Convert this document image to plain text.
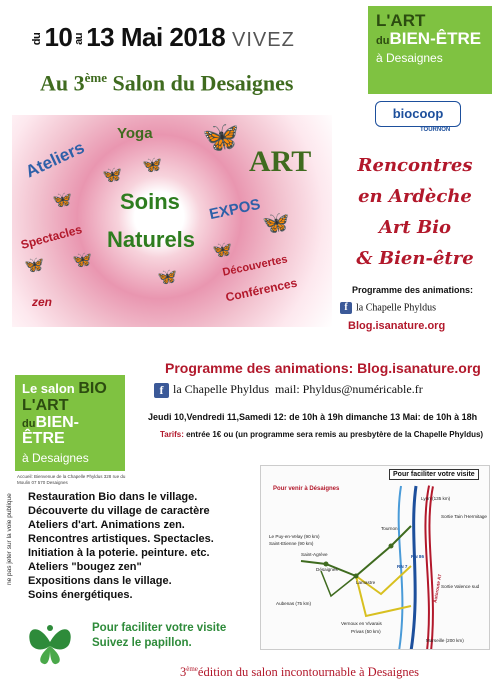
du10au13 Mai 2018 VIVEZ
Au 3ème Salon du Desaignes
L'ART
duBIEN-ÊTRE
à Desaignes
biocoop
TOURNON
Yoga
Ateliers	ART
Soins
Naturels
EXPOS
Spectacles
zen
Découvertes
Conférences
🦋
🦋
🦋
🦋
🦋
🦋
🦋
🦋
🦋
Rencontres
en Ardèche
Art Bio
& Bien-être
Programme des animations:
f la Chapelle Phyldus
Blog.isanature.org
Programme des animations: Blog.isanature.org
f la Chapelle Phyldus mail: Phyldus@numéricable.fr
Jeudi 10,Vendredi 11,Samedi 12: de 10h à 19h dimanche 13 Mai: de 10h à 18h
Tarifs: entrée 1€ ou (un programme sera remis au presbytère de la Chapelle Phyldus)
Le salon BIO
L'ART
duBIEN-ÊTRE
à Desaignes
Accueil: Bienvenue de la Chapelle Phyldus 328 rue du Moulin 07 570 Desaignes
Restauration Bio dans le village.
Découverte du village de caractère
Ateliers d'art. Animations zen.
Rencontres artistiques. Spectacles.
Initiation à la poterie. peinture. etc.
Ateliers "bougez zen"
Expositions dans le village.
Soins énergétiques.
ne pas jeter sur la voie publique
Pour faciliter votre visite
Suivez le papillon.
Pour faciliter votre visite
Pour venir à Désaignes
Le Puy-en-Velay (90 km)
Saint-Etienne (90 km)
Saint-Agrève
Désaignes
Lamastre
Tournon
Lyon (135 km)
Sortie Tain l'Hermitage
Sortie Valence sud
Aubenas (75 km)
Vernoux en Vivarais
Privas (50 km)
Marseille (200 km)
RN 86
RN 7
Autoroute A7
3èmeédition du salon incontournable à Desaignes
